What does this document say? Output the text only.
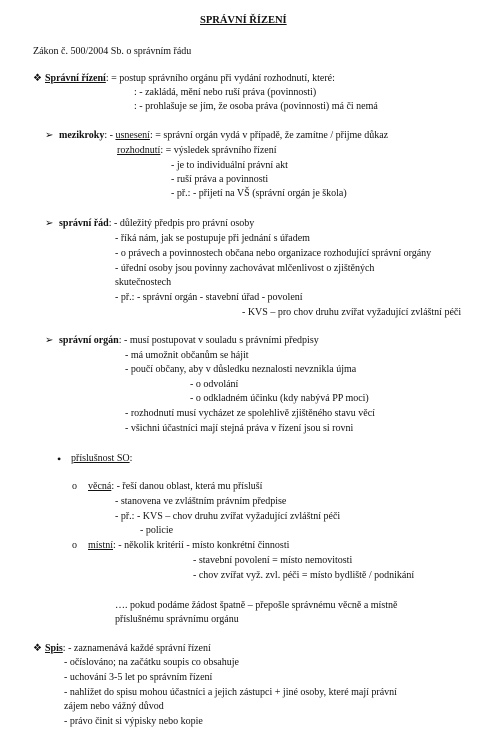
SPRÁVNÍ ŘÍZENÍ
Zákon č. 500/2004 Sb. o správním řádu
❖ Správní řízení: = postup správního orgánu při vydání rozhodnutí, které:
: - zakládá, mění nebo ruší práva (povinnosti)
: - prohlašuje se jím, že osoba práva (povinnosti) má či nemá
➢ mezikroky: - usnesení: = správní orgán vydá v případě, že zamítne / přijme důkaz
rozhodnutí: = výsledek správního řízení
- je to individuální právní akt
- ruší práva a povinnosti
- př.: - přijetí na VŠ (správní orgán je škola)
➢ správní řád: - důležitý předpis pro právní osoby
- říká nám, jak se postupuje při jednání s úřadem
- o právech a povinnostech občana nebo organizace rozhodující správní orgány
- úřední osoby jsou povinny zachovávat mlčenlivost o zjištěných
skutečnostech
- př.: - správní orgán - stavební úřad - povolení
- KVS – pro chov druhu zvířat vyžadující zvláštní péči
➢ správní orgán: - musí postupovat v souladu s právními předpisy
- má umožnit občanům se hájit
- poučí občany, aby v důsledku neznalosti nevznikla újma
- o odvolání
- o odkladném účinku (kdy nabývá PP moci)
- rozhodnutí musí vycházet ze spolehlivě zjištěného stavu věcí
- všichni účastníci mají stejná práva v řízení jsou si rovni
• příslušnost SO:
o věcná: - řeší danou oblast, která mu přísluší
- stanovena ve zvláštním právním předpise
- př.: - KVS – chov druhu zvířat vyžadující zvláštní péči
- policie
o místní: - několik kritérií - místo konkrétní činnosti
- stavební povolení = místo nemovitosti
- chov zvířat vyž. zvl. péči = místo bydliště / podnikání
…. pokud podáme žádost špatně – přepošle správnému věcně a místně
příslušnému správnímu orgánu
❖ Spis: - zaznamenává každé správní řízení
- očíslováno; na začátku soupis co obsahuje
- uchování 3-5 let po správním řízení
- nahlížet do spisu mohou účastníci a jejich zástupci + jiné osoby, které mají právní
zájem nebo vážný důvod
- právo činit si výpisky nebo kopie
